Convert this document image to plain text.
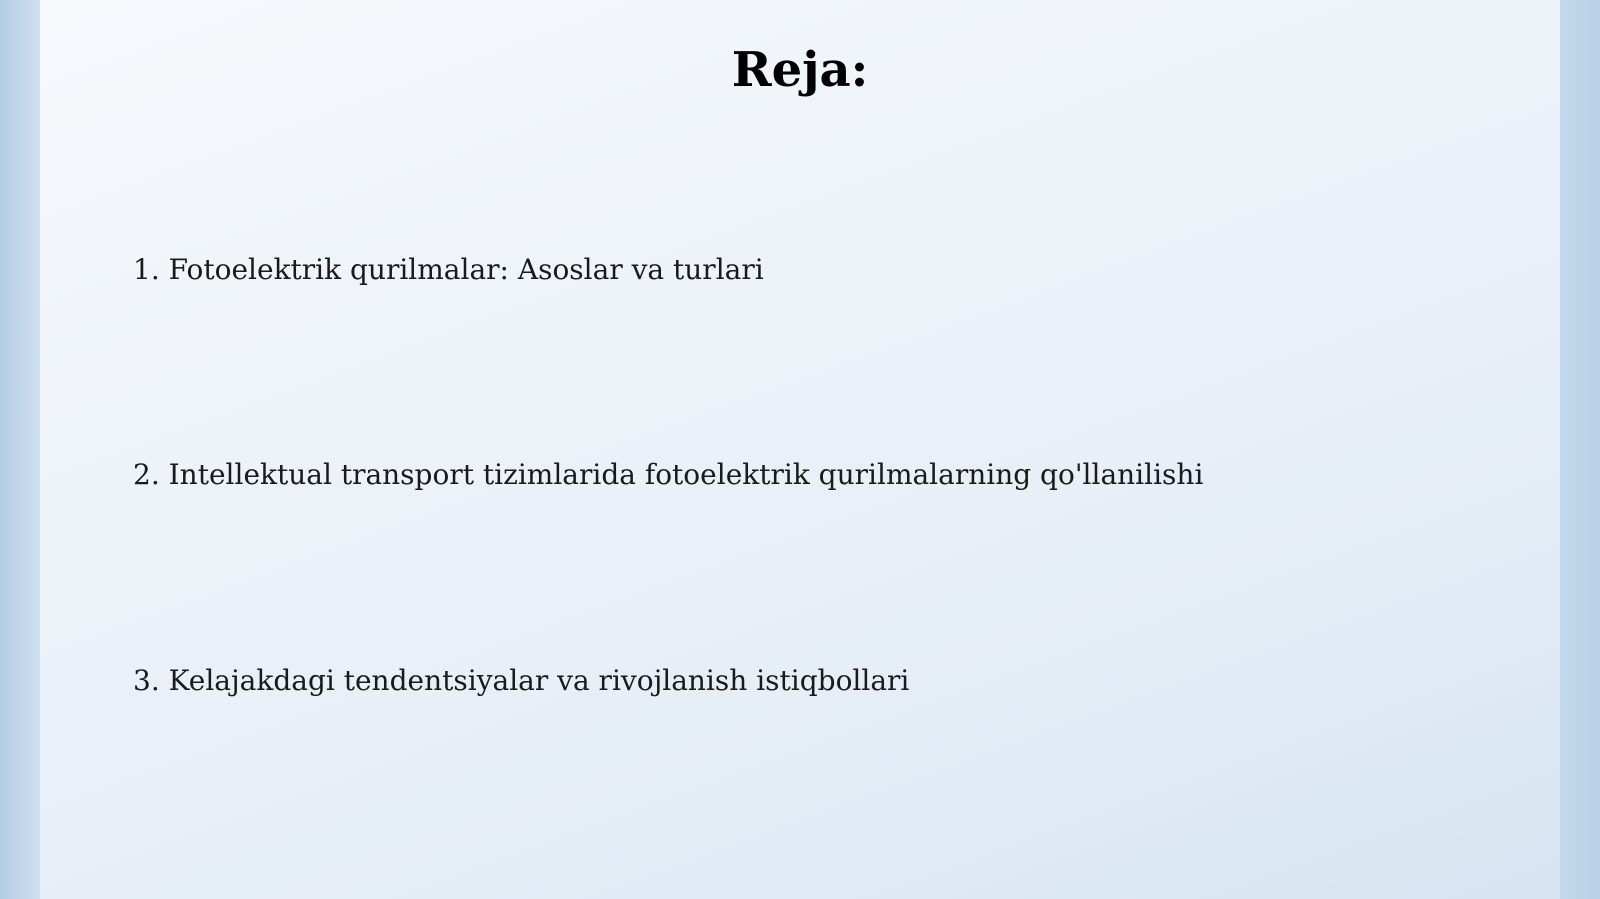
Reja:
1. Fotoelektrik qurilmalar: Asoslar va turlari
2. Intellektual transport tizimlarida fotoelektrik qurilmalarning qo'llanilishi
3. Kelajakdagi tendentsiyalar va rivojlanish istiqbollari
